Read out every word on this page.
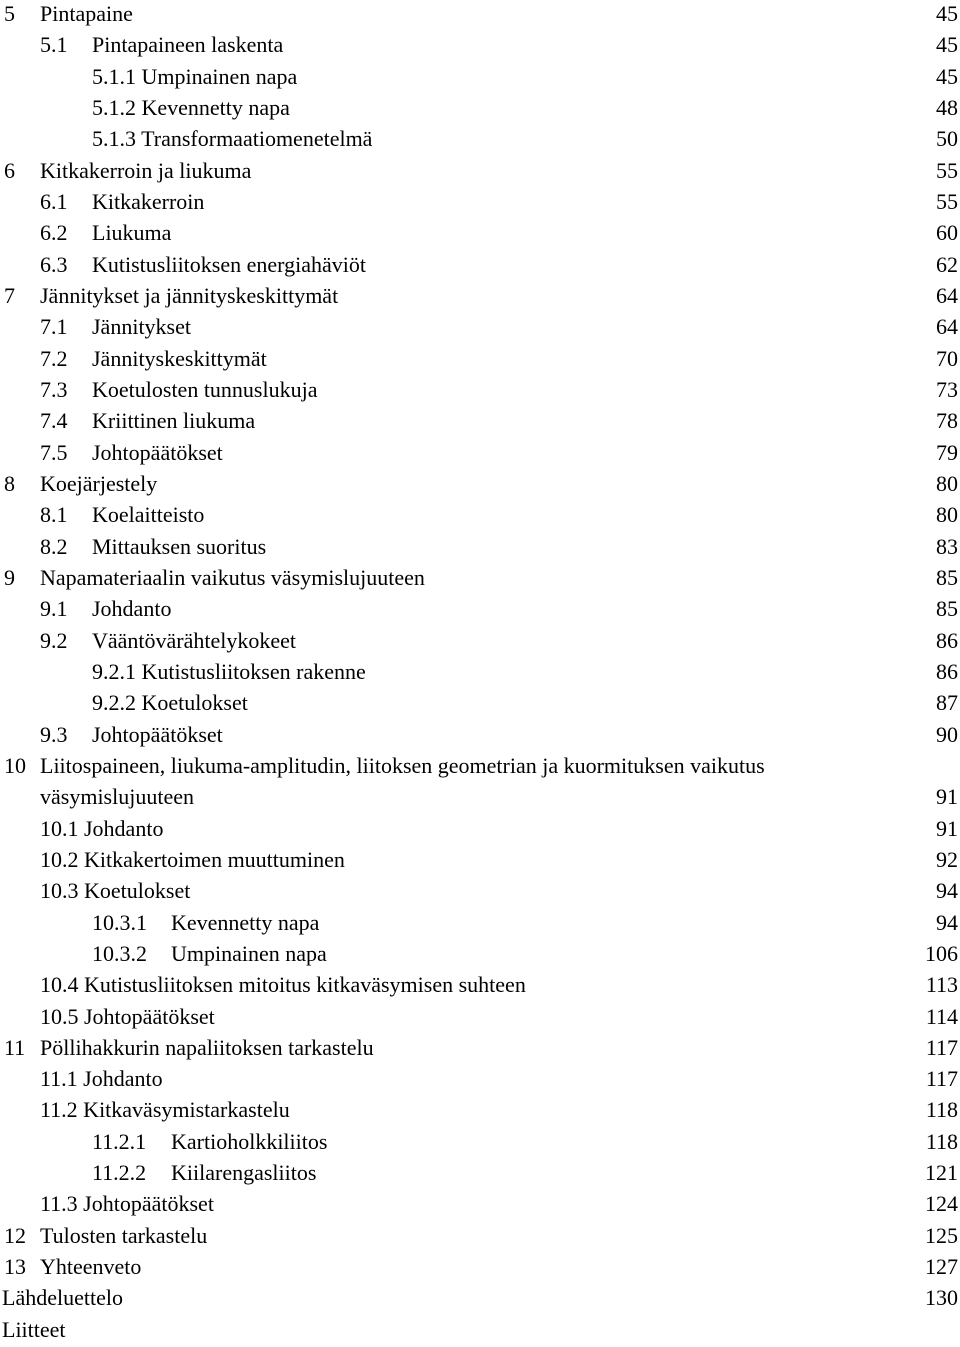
5 Pintapaine . . .	45
5.1 Pintapaineen laskenta . . .	45
5.1.1 Umpinainen napa . . .	45
5.1.2 Kevennetty napa . . .	48
5.1.3 Transformaatiomenetelmä . . .	50
6 Kitkakerroin ja liukuma . . .	55
6.1 Kitkakerroin . . .	55
6.2 Liukuma . . .	60
6.3 Kutistusliitoksen energiahäviöt . . .	62
7 Jännitykset ja jännityskeskittymät . . .	64
7.1 Jännitykset . . .	64
7.2 Jännityskeskittymät . . .	70
7.3 Koetulosten tunnuslukuja . . .	73
7.4 Kriittinen liukuma . . .	78
7.5 Johtopäätökset . . .	79
8 Koejärjestely . . .	80
8.1 Koelaitteisto . . .	80
8.2 Mittauksen suoritus . . .	83
9 Napamateriaalin vaikutus väsymislujuuteen . . .	85
9.1 Johdanto . . .	85
9.2 Vääntövärähtelykokeet . . .	86
9.2.1 Kutistusliitoksen rakenne . . .	86
9.2.2 Koetulokset . . .	87
9.3 Johtopäätökset . . .	90
10 Liitospaineen, liukuma-amplitudin, liitoksen geometrian ja kuormituksen vaikutus
väsymislujuuteen . . .	91
10.1 Johdanto . . .	91
10.2 Kitkakertoimen muuttuminen . . .	92
10.3 Koetulokset . . .	94
10.3.1 Kevennetty napa . . .	94
10.3.2 Umpinainen napa . . .	106
10.4 Kutistusliitoksen mitoitus kitkaväsymisen suhteen . . .	113
10.5 Johtopäätökset . . .	114
11 Pöllihakkurin napaliitoksen tarkastelu . . .	117
11.1 Johdanto . . .	117
11.2 Kitkaväsymistarkastelu . . .	118
11.2.1 Kartioholkkiliitos . . .	118
11.2.2 Kiilarengasliitos . . .	121
11.3 Johtopäätökset . . .	124
12 Tulosten tarkastelu . . .	125
13 Yhteenveto . . .	127
Lähdeluettelo . . .	130
Liitteet
